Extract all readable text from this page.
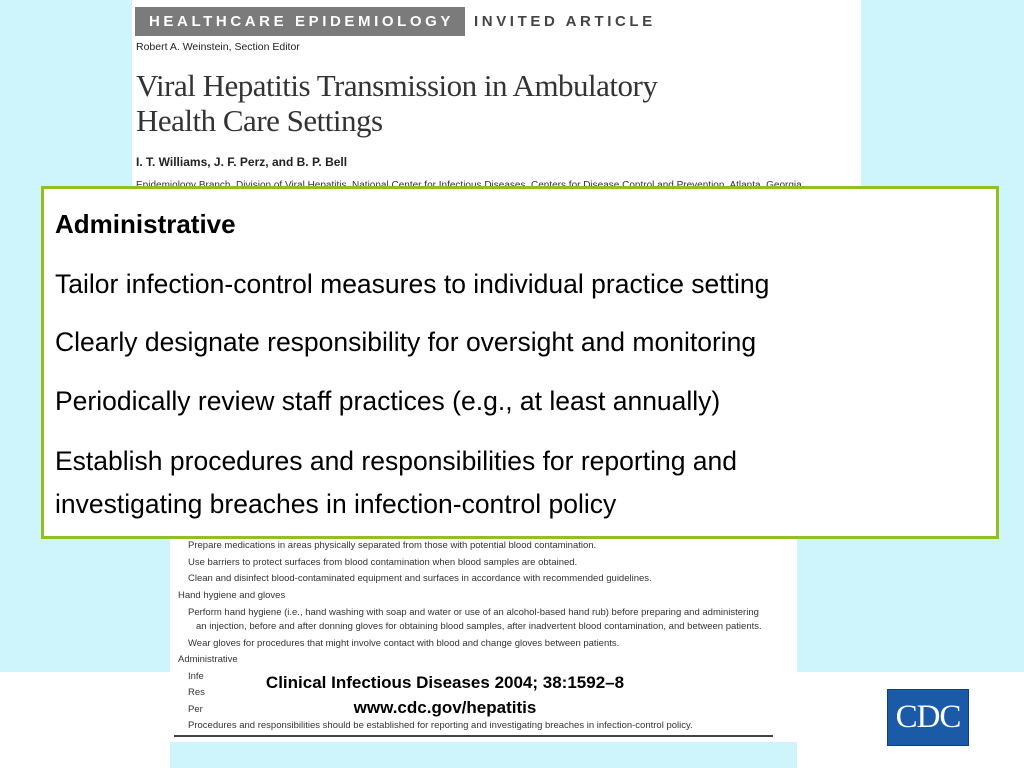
HEALTHCARE EPIDEMIOLOGY	INVITED ARTICLE
Robert A. Weinstein, Section Editor
Viral Hepatitis Transmission in Ambulatory
Health Care Settings
I. T. Williams, J. F. Perz, and B. P. Bell
Prepare medications in areas physically separated from those with potential blood contamination.
Use barriers to protect surfaces from blood contamination when blood samples are obtained.
Clean and disinfect blood-contaminated equipment and surfaces in accordance with recommended guidelines.
Hand hygiene and gloves
Perform hand hygiene (i.e., hand washing with soap and water or use of an alcohol-based hand rub) before preparing and administering
an injection, before and after donning gloves for obtaining blood samples, after inadvertent blood contamination, and between patients.
Wear gloves for procedures that might involve contact with blood and change gloves between patients.
Administrative
Infe
Res
Per
Procedures and responsibilities should be established for reporting and investigating breaches in infection-control policy.
Administrative
Tailor infection-control measures to individual practice setting
Clearly designate responsibility for oversight and monitoring
Periodically review staff practices (e.g., at least annually)
Establish procedures and responsibilities for reporting and
investigating breaches in infection-control policy
Clinical Infectious Diseases 2004; 38:1592–8
www.cdc.gov/hepatitis	CDC
